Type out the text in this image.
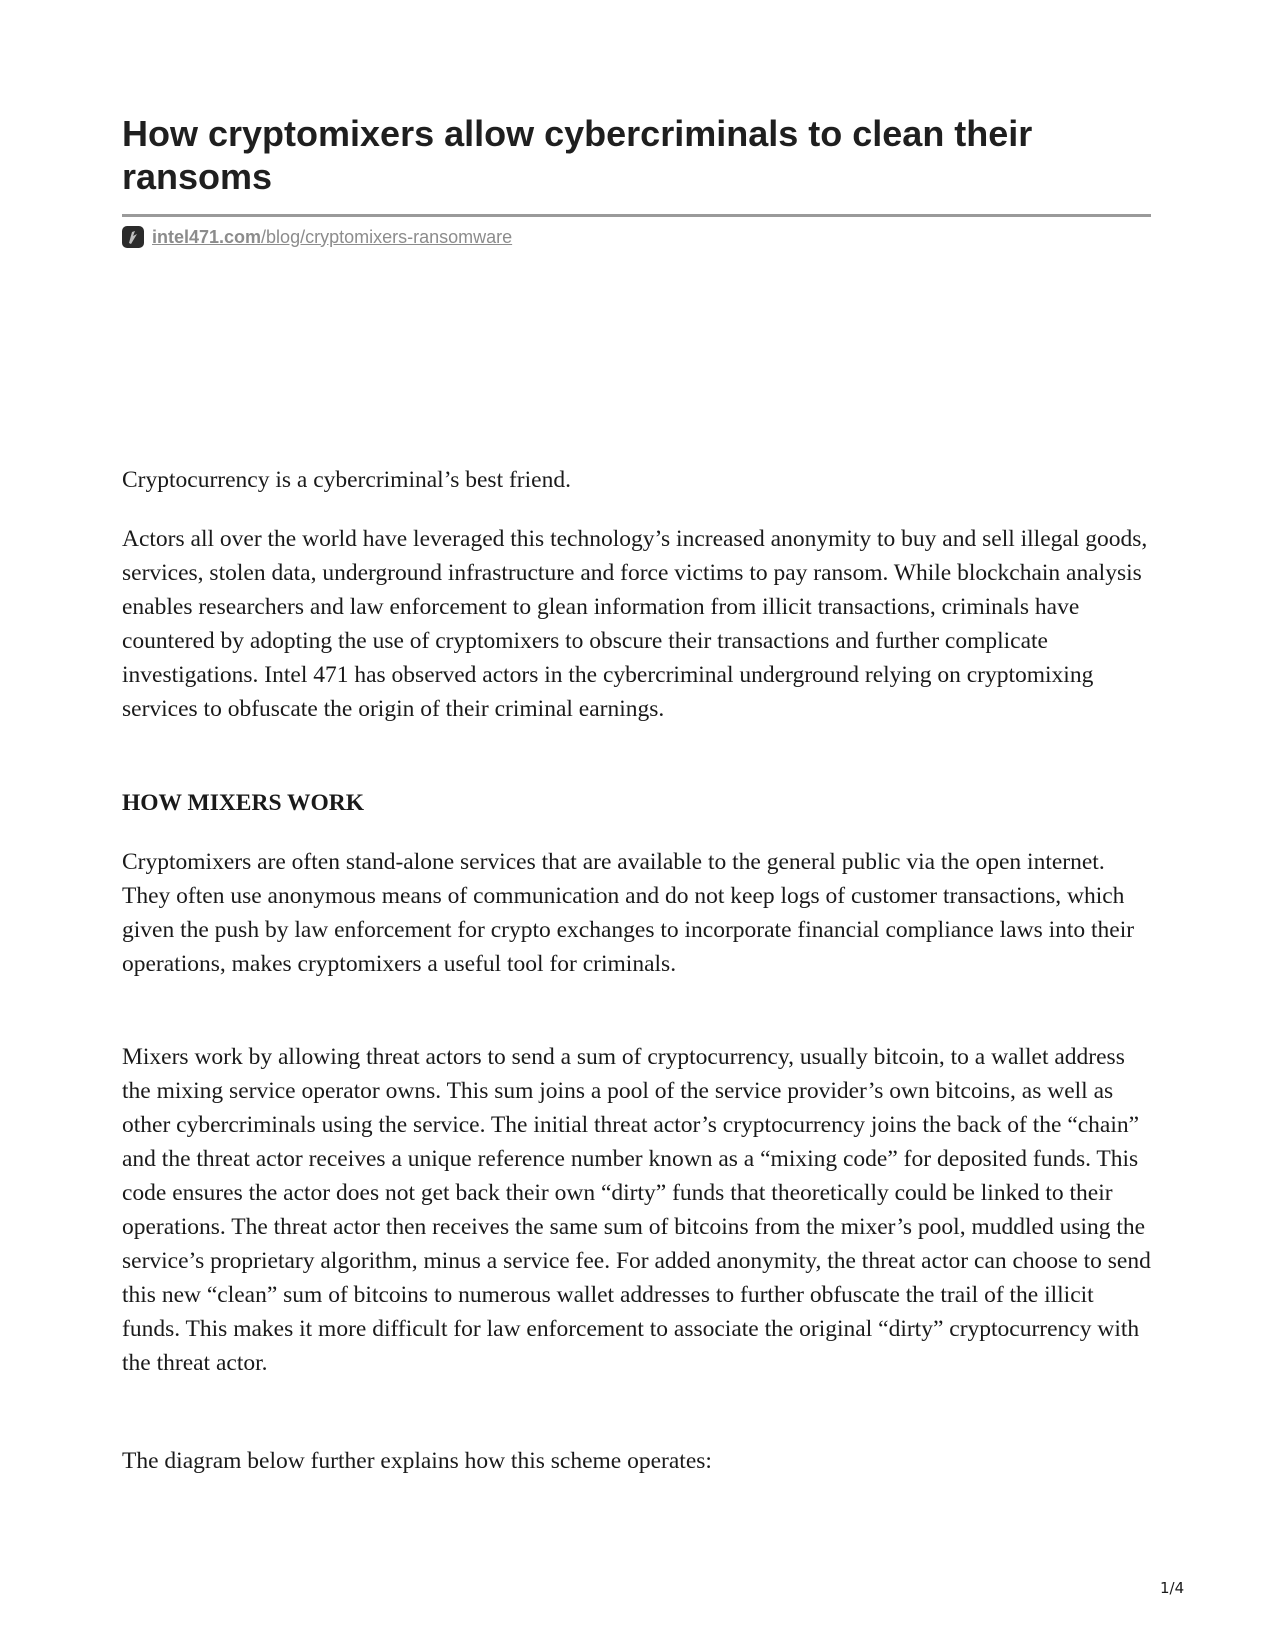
How cryptomixers allow cybercriminals to clean their ransoms
intel471.com/blog/cryptomixers-ransomware

Cryptocurrency is a cybercriminal’s best friend.

Actors all over the world have leveraged this technology’s increased anonymity to buy and sell illegal goods, services, stolen data, underground infrastructure and force victims to pay ransom. While blockchain analysis enables researchers and law enforcement to glean information from illicit transactions, criminals have countered by adopting the use of cryptomixers to obscure their transactions and further complicate investigations. Intel 471 has observed actors in the cybercriminal underground relying on cryptomixing services to obfuscate the origin of their criminal earnings.

HOW MIXERS WORK

Cryptomixers are often stand-alone services that are available to the general public via the open internet. They often use anonymous means of communication and do not keep logs of customer transactions, which given the push by law enforcement for crypto exchanges to incorporate financial compliance laws into their operations, makes cryptomixers a useful tool for criminals.

Mixers work by allowing threat actors to send a sum of cryptocurrency, usually bitcoin, to a wallet address the mixing service operator owns. This sum joins a pool of the service provider’s own bitcoins, as well as other cybercriminals using the service. The initial threat actor’s cryptocurrency joins the back of the “chain” and the threat actor receives a unique reference number known as a “mixing code” for deposited funds. This code ensures the actor does not get back their own “dirty” funds that theoretically could be linked to their operations. The threat actor then receives the same sum of bitcoins from the mixer’s pool, muddled using the service’s proprietary algorithm, minus a service fee. For added anonymity, the threat actor can choose to send this new “clean” sum of bitcoins to numerous wallet addresses to further obfuscate the trail of the illicit funds. This makes it more difficult for law enforcement to associate the original “dirty” cryptocurrency with the threat actor.

The diagram below further explains how this scheme operates:

1/4
